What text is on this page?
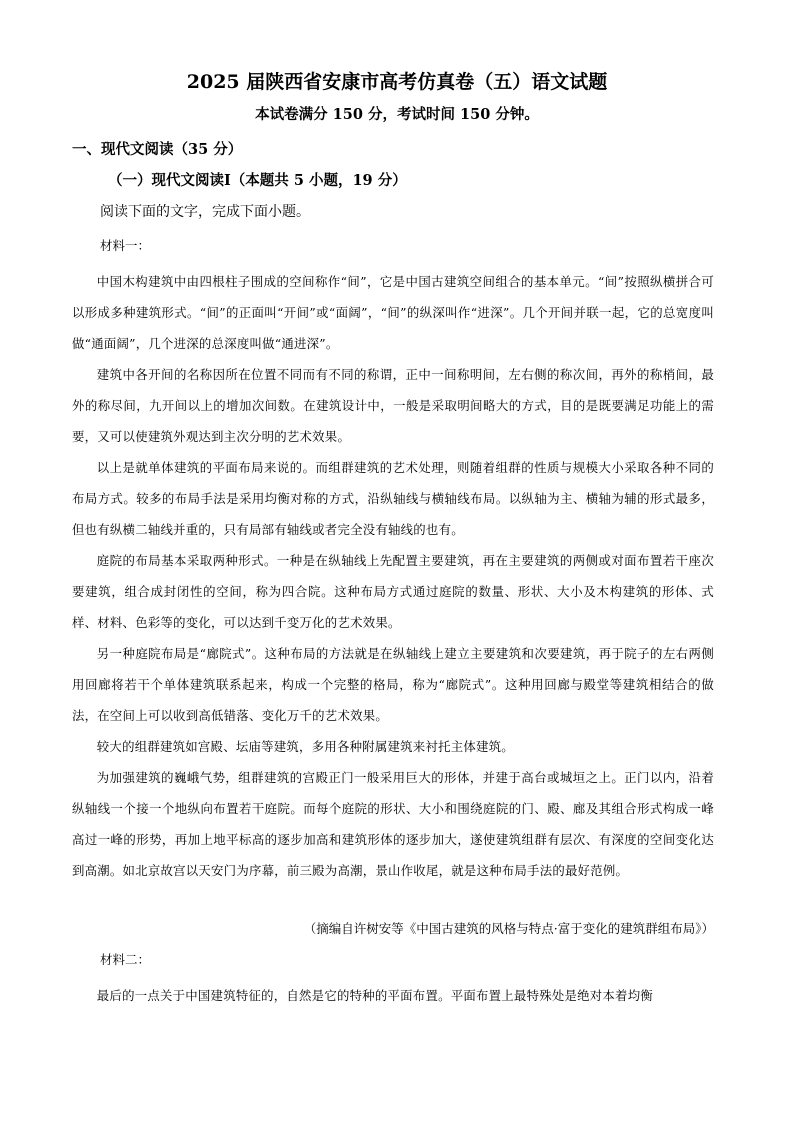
2025 届陕西省安康市高考仿真卷（五）语文试题
本试卷满分 150 分，考试时间 150 分钟。
一、现代文阅读（35 分）
（一）现代文阅读Ⅰ（本题共 5 小题，19 分）
阅读下面的文字，完成下面小题。
材料一：
中国木构建筑中由四根柱子围成的空间称作“间”，它是中国古建筑空间组合的基本单元。“间”按照纵横拼合可以形成多种建筑形式。“间”的正面叫“开间”或“面阔”，“间”的纵深叫作“进深”。几个开间并联一起，它的总宽度叫做“通面阔”，几个进深的总深度叫做“通进深”。
建筑中各开间的名称因所在位置不同而有不同的称谓，正中一间称明间，左右侧的称次间，再外的称梢间，最外的称尽间，九开间以上的增加次间数。在建筑设计中，一般是采取明间略大的方式，目的是既要满足功能上的需要，又可以使建筑外观达到主次分明的艺术效果。
以上是就单体建筑的平面布局来说的。而组群建筑的艺术处理，则随着组群的性质与规模大小采取各种不同的布局方式。较多的布局手法是采用均衡对称的方式，沿纵轴线与横轴线布局。以纵轴为主、横轴为辅的形式最多，但也有纵横二轴线并重的，只有局部有轴线或者完全没有轴线的也有。
庭院的布局基本采取两种形式。一种是在纵轴线上先配置主要建筑，再在主要建筑的两侧或对面布置若干座次要建筑，组合成封闭性的空间，称为四合院。这种布局方式通过庭院的数量、形状、大小及木构建筑的形体、式样、材料、色彩等的变化，可以达到千变万化的艺术效果。
另一种庭院布局是“廊院式”。这种布局的方法就是在纵轴线上建立主要建筑和次要建筑，再于院子的左右两侧用回廊将若干个单体建筑联系起来，构成一个完整的格局，称为“廊院式”。这种用回廊与殿堂等建筑相结合的做法，在空间上可以收到高低错落、变化万千的艺术效果。
较大的组群建筑如宫殿、坛庙等建筑，多用各种附属建筑来衬托主体建筑。
为加强建筑的巍峨气势，组群建筑的宫殿正门一般采用巨大的形体，并建于高台或城垣之上。正门以内，沿着纵轴线一个接一个地纵向布置若干庭院。而每个庭院的形状、大小和围绕庭院的门、殿、廊及其组合形式构成一峰高过一峰的形势，再加上地平标高的逐步加高和建筑形体的逐步加大，遂使建筑组群有层次、有深度的空间变化达到高潮。如北京故宫以天安门为序幕，前三殿为高潮，景山作收尾，就是这种布局手法的最好范例。
（摘编自许树安等《中国古建筑的风格与特点·富于变化的建筑群组布局》）
材料二：
最后的一点关于中国建筑特征的，自然是它的特种的平面布置。平面布置上最特殊处是绝对本着均衡
